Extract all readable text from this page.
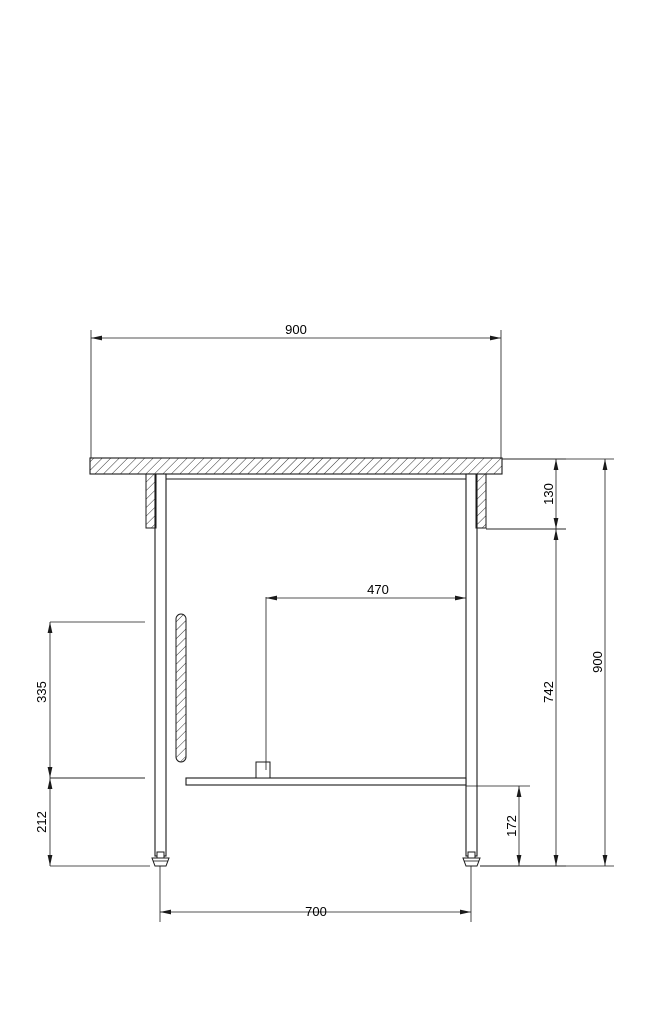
900
130
470
900
742
335
212	172
700
